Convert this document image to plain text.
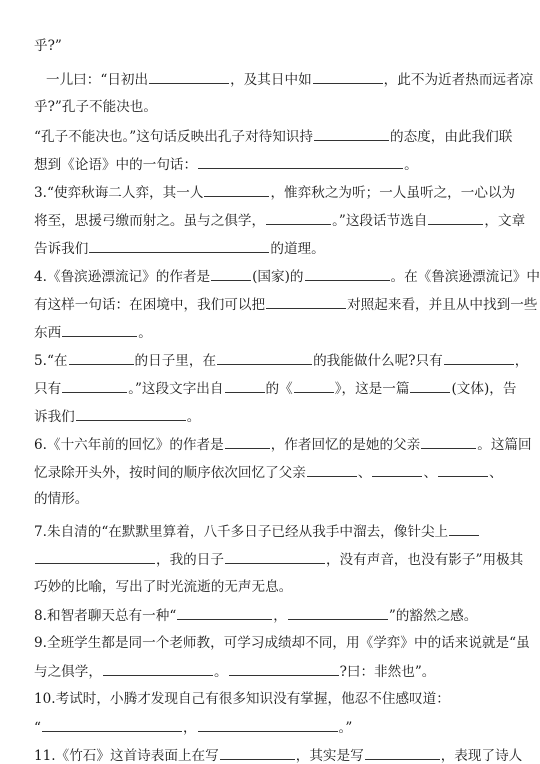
乎?”
一儿曰：“日初出	，及其日中如	，此不为近者热而远者凉
乎?”孔子不能决也。
“孔子不能决也。”这句话反映出孔子对待知识持	的态度，由此我们联
想到《论语》中的一句话：	。
3.“使弈秋诲二人弈，其一人	，惟弈秋之为听；一人虽听之，一心以为
将至，思援弓缴而射之。虽与之俱学，	。”这段话节选自	，文章
告诉我们	的道理。
4.《鲁滨逊漂流记》的作者是	(国家)的	。在《鲁滨逊漂流记》中
有这样一句话：在困境中，我们可以把	对照起来看，并且从中找到一些
东西	。
5.“在	的日子里，在	的我能做什么呢?只有	，
只有	。”这段文字出自	的《	》，这是一篇	(文体)，告
诉我们	。
6.《十六年前的回忆》的作者是	，作者回忆的是她的父亲	。这篇回
忆录除开头外，按时间的顺序依次回忆了父亲	、	、	、
的情形。
7.朱自清的“在默默里算着，八千多日子已经从我手中溜去，像针尖上
，我的日子	，没有声音，也没有影子”用极其
巧妙的比喻，写出了时光流逝的无声无息。
8.和智者聊天总有一种“	，	”的豁然之感。
9.全班学生都是同一个老师教，可学习成绩却不同，用《学弈》中的话来说就是“虽
与之俱学，	。	?曰：非然也”。
10.考试时，小腾才发现自己有很多知识没有掌握，他忍不住感叹道：
“	，	。”
11.《竹石》这首诗表面上在写	，其实是写	，表现了诗人
